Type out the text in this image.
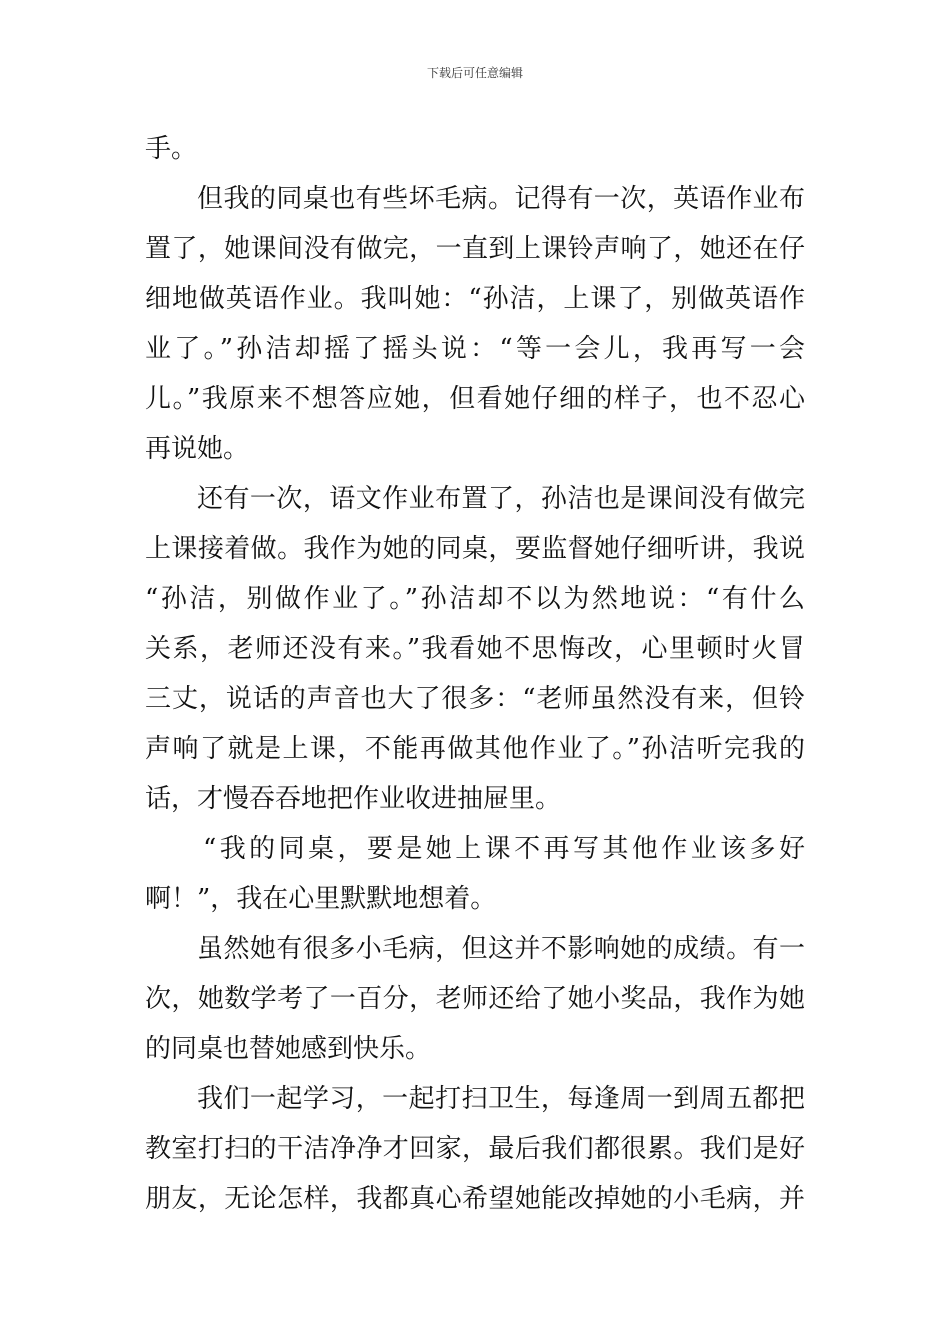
下载后可任意编辑
手。
但我的同桌也有些坏毛病。记得有一次，英语作业布
置了，她课间没有做完，一直到上课铃声响了，她还在仔
细地做英语作业。我叫她：“孙洁，上课了，别做英语作
业了。”孙洁却摇了摇头说：“等一会儿，我再写一会
儿。”我原来不想答应她，但看她仔细的样子，也不忍心
再说她。
还有一次，语文作业布置了，孙洁也是课间没有做完
上课接着做。我作为她的同桌，要监督她仔细听讲，我说
“孙洁，别做作业了。”孙洁却不以为然地说：“有什么
关系，老师还没有来。”我看她不思悔改，心里顿时火冒
三丈，说话的声音也大了很多：“老师虽然没有来，但铃
声响了就是上课，不能再做其他作业了。”孙洁听完我的
话，才慢吞吞地把作业收进抽屉里。
“我的同桌，要是她上课不再写其他作业该多好
啊！”，我在心里默默地想着。
虽然她有很多小毛病，但这并不影响她的成绩。有一
次，她数学考了一百分，老师还给了她小奖品，我作为她
的同桌也替她感到快乐。
我们一起学习，一起打扫卫生，每逢周一到周五都把
教室打扫的干洁净净才回家，最后我们都很累。我们是好
朋友，无论怎样，我都真心希望她能改掉她的小毛病，并
